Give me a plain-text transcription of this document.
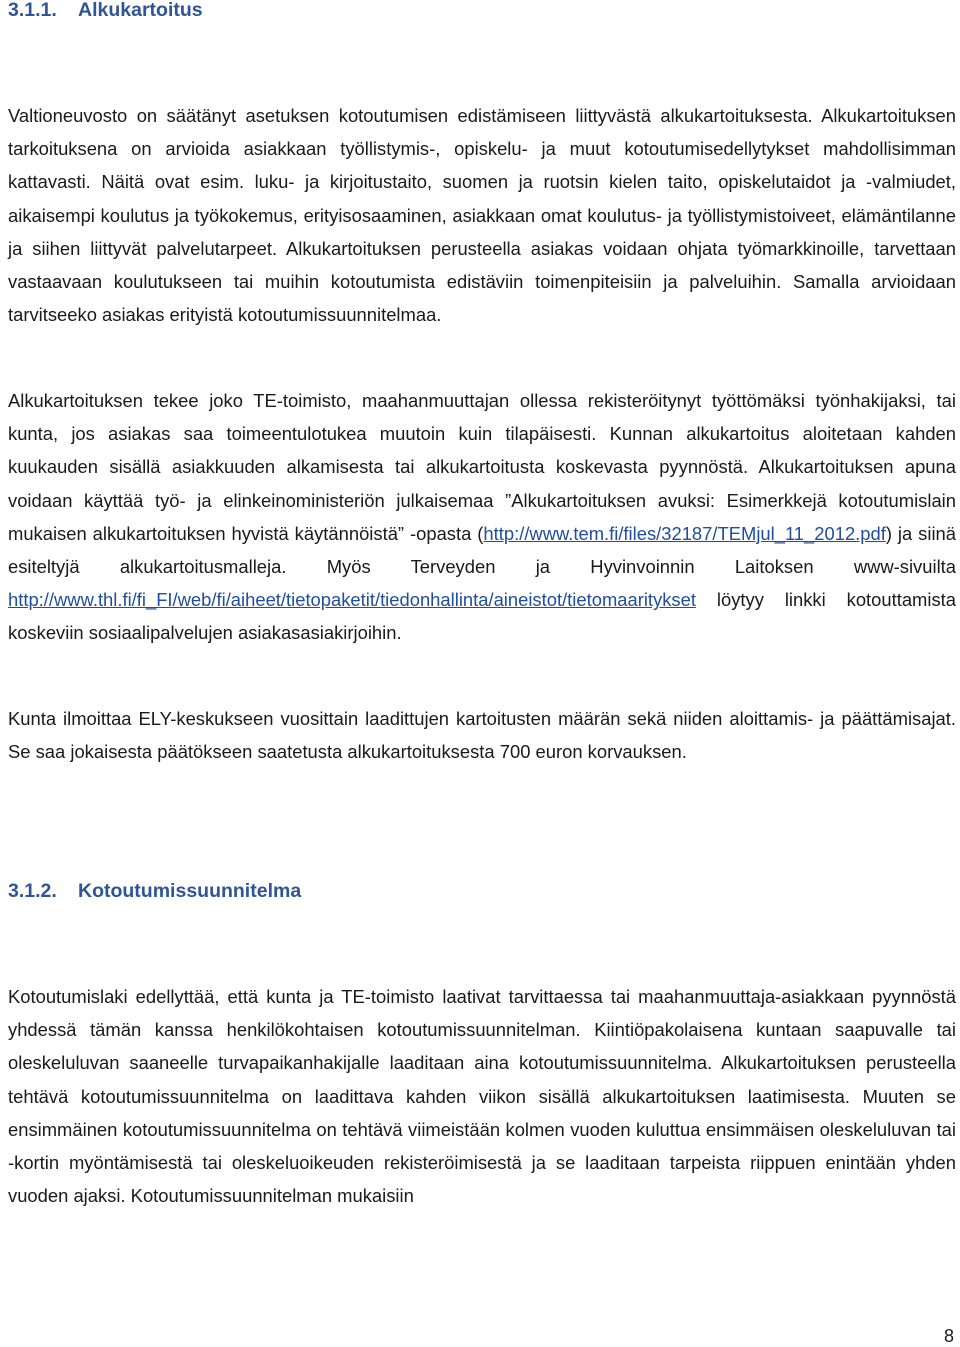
3.1.1. Alkukartoitus

Valtioneuvosto on säätänyt asetuksen kotoutumisen edistämiseen liittyvästä alkukartoituksesta. Alkukartoituksen tarkoituksena on arvioida asiakkaan työllistymis-, opiskelu- ja muut kotoutumisedellytykset mahdollisimman kattavasti. Näitä ovat esim. luku- ja kirjoitustaito, suomen ja ruotsin kielen taito, opiskelutaidot ja -valmiudet, aikaisempi koulutus ja työkokemus, erityisosaaminen, asiakkaan omat koulutus- ja työllistymistoiveet, elämäntilanne ja siihen liittyvät palvelutarpeet. Alkukartoituksen perusteella asiakas voidaan ohjata työmarkkinoille, tarvettaan vastaavaan koulutukseen tai muihin kotoutumista edistäviin toimenpiteisiin ja palveluihin. Samalla arvioidaan tarvitseeko asiakas erityistä kotoutumissuunnitelmaa.

Alkukartoituksen tekee joko TE-toimisto, maahanmuuttajan ollessa rekisteröitynyt työttömäksi työnhakijaksi, tai kunta, jos asiakas saa toimeentulotukea muutoin kuin tilapäisesti. Kunnan alkukartoitus aloitetaan kahden kuukauden sisällä asiakkuuden alkamisesta tai alkukartoitusta koskevasta pyynnöstä. Alkukartoituksen apuna voidaan käyttää työ- ja elinkeinoministeriön julkaisemaa ”Alkukartoituksen avuksi: Esimerkkejä kotoutumislain mukaisen alkukartoituksen hyvistä käytännöistä” -opasta (http://www.tem.fi/files/32187/TEMjul_11_2012.pdf) ja siinä esiteltyjä alkukartoitusmalleja. Myös Terveyden ja Hyvinvoinnin Laitoksen www-sivuilta http://www.thl.fi/fi_FI/web/fi/aiheet/tietopaketit/tiedonhallinta/aineistot/tietomaaritykset löytyy linkki kotouttamista koskeviin sosiaalipalvelujen asiakasasiakirjoihin.

Kunta ilmoittaa ELY-keskukseen vuosittain laadittujen kartoitusten määrän sekä niiden aloittamis- ja päättämisajat. Se saa jokaisesta päätökseen saatetusta alkukartoituksesta 700 euron korvauksen.

3.1.2. Kotoutumissuunnitelma

Kotoutumislaki edellyttää, että kunta ja TE-toimisto laativat tarvittaessa tai maahanmuuttaja-asiakkaan pyynnöstä yhdessä tämän kanssa henkilökohtaisen kotoutumissuunnitelman. Kiintiöpakolaisena kuntaan saapuvalle tai oleskeluluvan saaneelle turvapaikanhakijalle laaditaan aina kotoutumissuunnitelma. Alkukartoituksen perusteella tehtävä kotoutumissuunnitelma on laadittava kahden viikon sisällä alkukartoituksen laatimisesta. Muuten se ensimmäinen kotoutumissuunnitelma on tehtävä viimeistään kolmen vuoden kuluttua ensimmäisen oleskeluluvan tai -kortin myöntämisestä tai oleskeluoikeuden rekisteröimisestä ja se laaditaan tarpeista riippuen enintään yhden vuoden ajaksi. Kotoutumissuunnitelman mukaisiin

8
